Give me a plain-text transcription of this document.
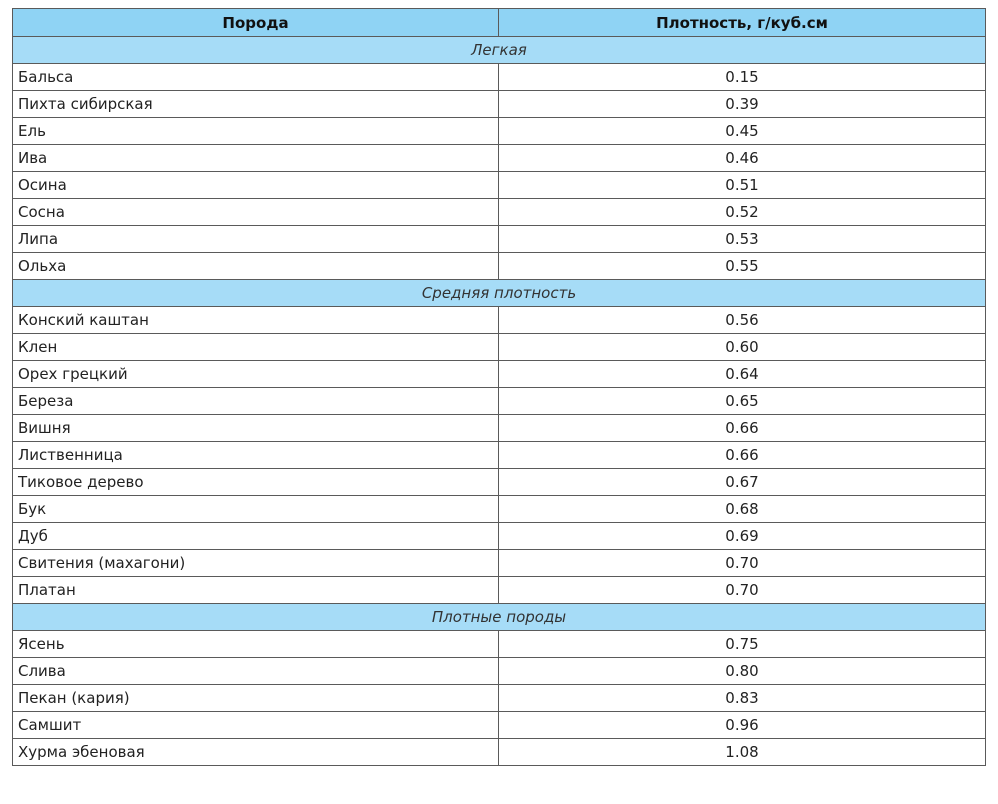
Порода	Плотность, г/куб.см
Легкая	
Бальса	0.15
Пихта сибирская	0.39
Ель	0.45
Ива	0.46
Осина	0.51
Сосна	0.52
Липа	0.53
Ольха	0.55
Средняя плотность	
Конский каштан	0.56
Клен	0.60
Орех грецкий	0.64
Береза	0.65
Вишня	0.66
Лиственница	0.66
Тиковое дерево	0.67
Бук	0.68
Дуб	0.69
Свитения (махагони)	0.70
Платан	0.70
Плотные породы	
Ясень	0.75
Слива	0.80
Пекан (кария)	0.83
Самшит	0.96
Хурма эбеновая	1.08
